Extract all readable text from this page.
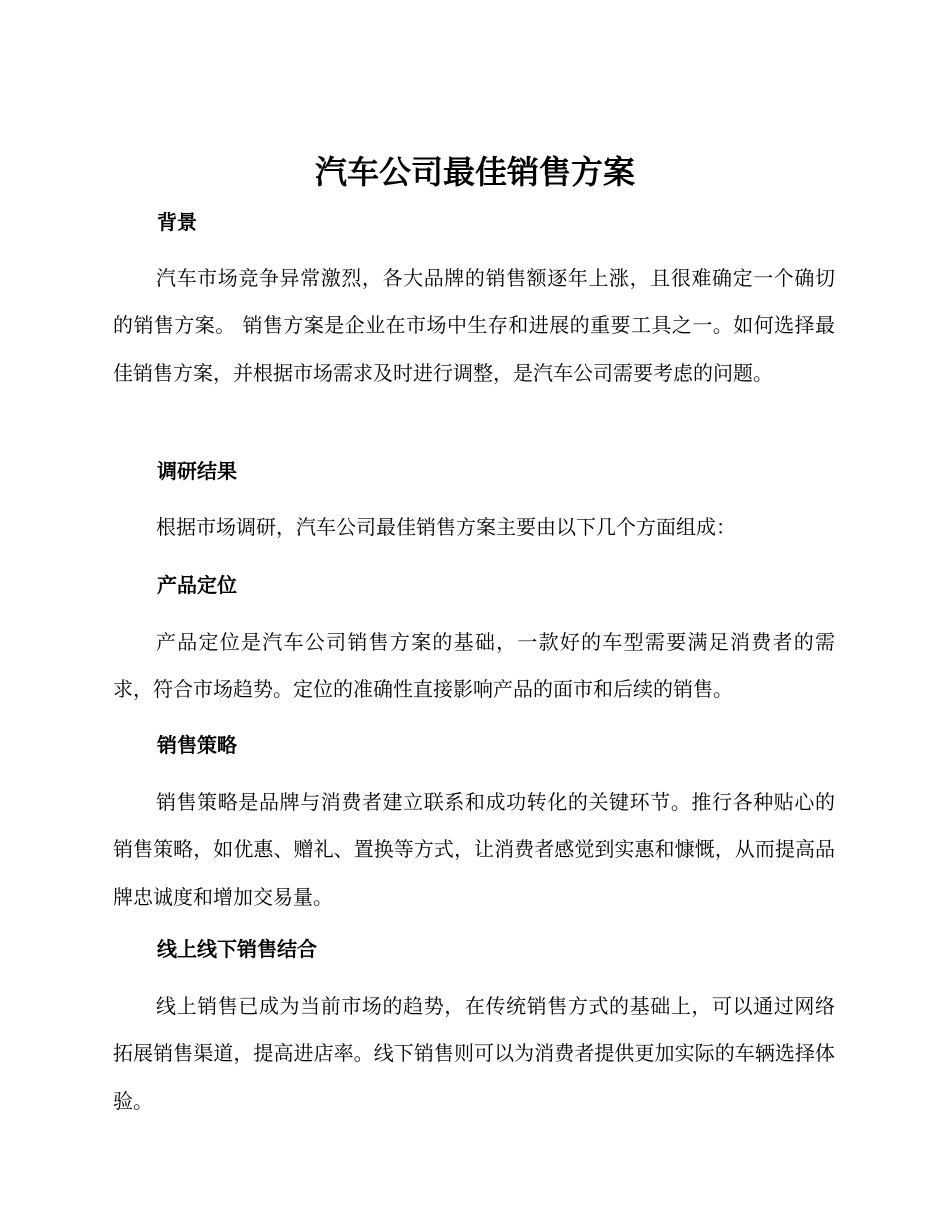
汽车公司最佳销售方案
背景

汽车市场竞争异常激烈，各大品牌的销售额逐年上涨，且很难确定一个确切的销售方案。 销售方案是企业在市场中生存和进展的重要工具之一。如何选择最佳销售方案，并根据市场需求及时进行调整，是汽车公司需要考虑的问题。

调研结果

根据市场调研，汽车公司最佳销售方案主要由以下几个方面组成：

产品定位

产品定位是汽车公司销售方案的基础，一款好的车型需要满足消费者的需求，符合市场趋势。定位的准确性直接影响产品的面市和后续的销售。

销售策略

销售策略是品牌与消费者建立联系和成功转化的关键环节。推行各种贴心的销售策略，如优惠、赠礼、置换等方式，让消费者感觉到实惠和慷慨，从而提高品牌忠诚度和增加交易量。

线上线下销售结合

线上销售已成为当前市场的趋势，在传统销售方式的基础上，可以通过网络拓展销售渠道，提高进店率。线下销售则可以为消费者提供更加实际的车辆选择体验。
